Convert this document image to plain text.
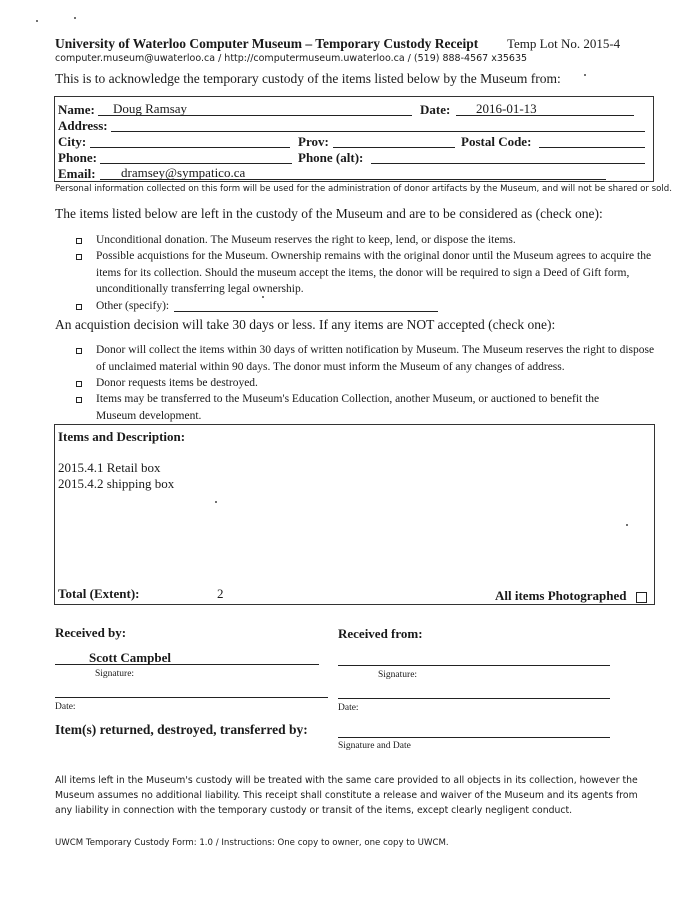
University of Waterloo Computer Museum – Temporary Custody Receipt Temp Lot No. 2015-4
computer.museum@uwaterloo.ca / http://computermuseum.uwaterloo.ca / (519) 888-4567 x35635
This is to acknowledge the temporary custody of the items listed below by the Museum from:
Name: Doug Ramsay	Date: 2016-01-13
Address:
City:	Prov:	Postal Code:
Phone:	Phone (alt):
Email: dramsey@sympatico.ca
Personal information collected on this form will be used for the administration of donor artifacts by the Museum, and will not be shared or sold.
The items listed below are left in the custody of the Museum and are to be considered as (check one):
Unconditional donation. The Museum reserves the right to keep, lend, or dispose the items.
Possible acquistions for the Museum. Ownership remains with the original donor until the Museum agrees to acquire the items for its collection. Should the museum accept the items, the donor will be required to sign a Deed of Gift form, unconditionally transferring legal ownership.
Other (specify):
An acquistion decision will take 30 days or less. If any items are NOT accepted (check one):
Donor will collect the items within 30 days of written notification by Museum. The Museum reserves the right to dispose of unclaimed material within 90 days. The donor must inform the Museum of any changes of address.
Donor requests items be destroyed.
Items may be transferred to the Museum's Education Collection, another Museum, or auctioned to benefit the Museum development.
Items and Description:
2015.4.1 Retail box
2015.4.2 shipping box
Total (Extent):	2	All items Photographed
Received by:	Received from:
Scott Campbel
Signature:	Signature:
Date:	Date:
Item(s) returned, destroyed, transferred by:
Signature and Date
All items left in the Museum's custody will be treated with the same care provided to all objects in its collection, however the Museum assumes no additional liability. This receipt shall constitute a release and waiver of the Museum and its agents from any liability in connection with the temporary custody or transit of the items, except clearly negligent conduct.
UWCM Temporary Custody Form: 1.0 / Instructions: One copy to owner, one copy to UWCM.
